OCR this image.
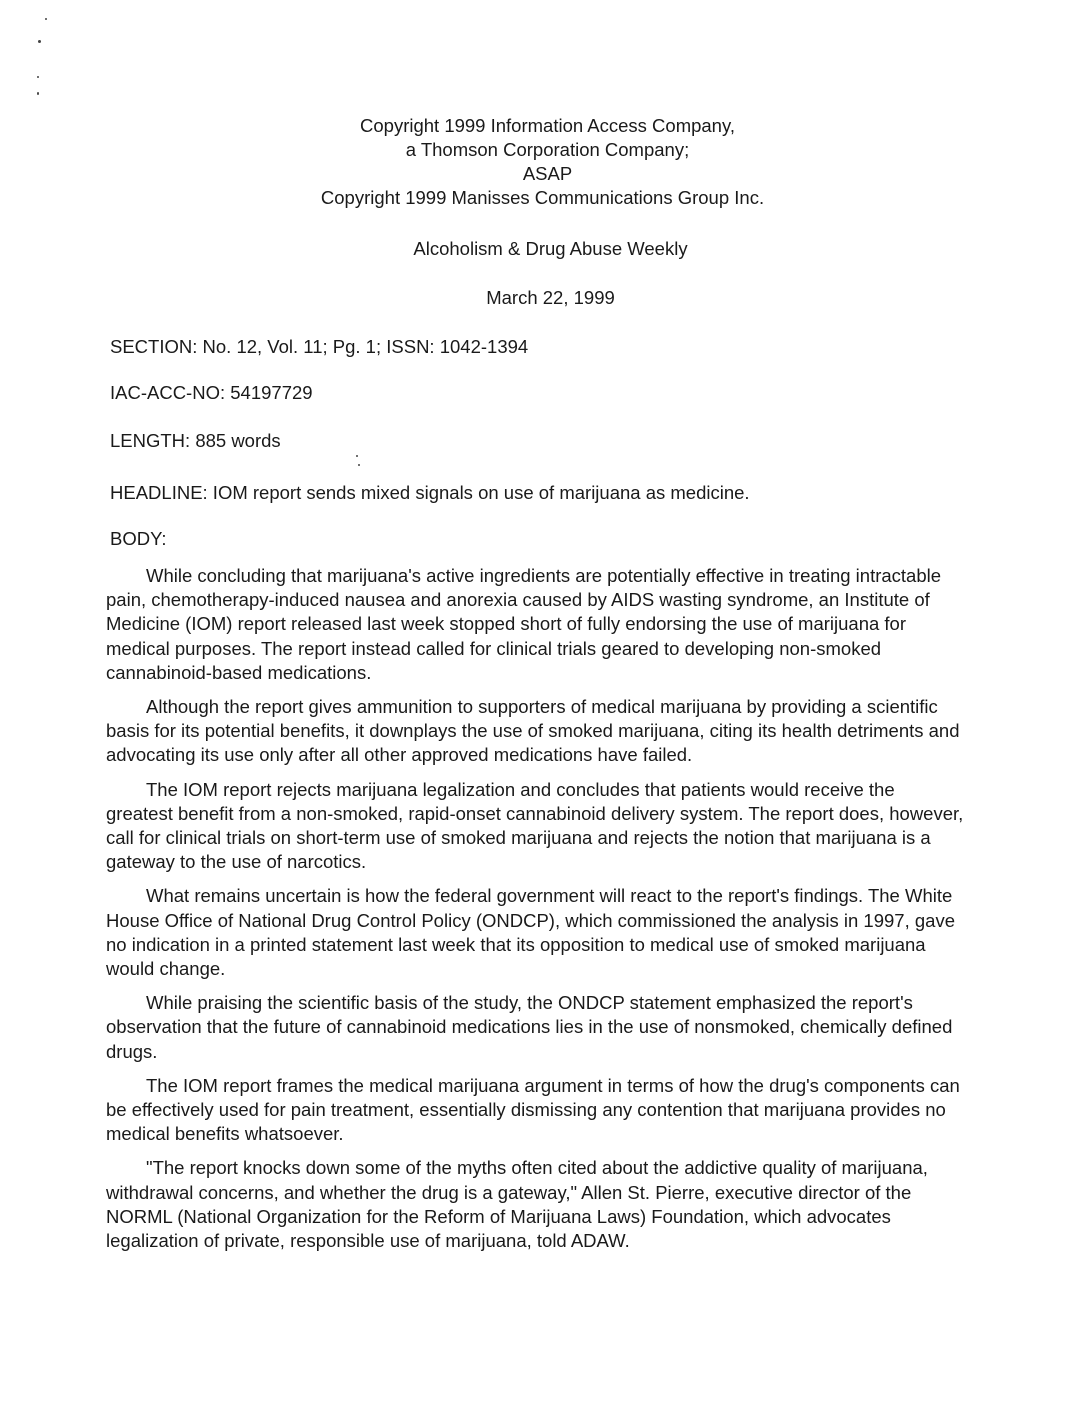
Copyright 1999 Information Access Company,
a Thomson Corporation Company;
ASAP
Copyright 1999 Manisses Communications Group Inc.
Alcoholism & Drug Abuse Weekly
March 22, 1999
SECTION: No. 12, Vol. 11; Pg. 1; ISSN: 1042-1394
IAC-ACC-NO: 54197729
LENGTH: 885 words
HEADLINE: IOM report sends mixed signals on use of marijuana as medicine.
BODY:

While concluding that marijuana's active ingredients are potentially effective in treating intractable pain, chemotherapy-induced nausea and anorexia caused by AIDS wasting syndrome, an Institute of Medicine (IOM) report released last week stopped short of fully endorsing the use of marijuana for medical purposes. The report instead called for clinical trials geared to developing non-smoked cannabinoid-based medications.

Although the report gives ammunition to supporters of medical marijuana by providing a scientific basis for its potential benefits, it downplays the use of smoked marijuana, citing its health detriments and advocating its use only after all other approved medications have failed.

The IOM report rejects marijuana legalization and concludes that patients would receive the greatest benefit from a non-smoked, rapid-onset cannabinoid delivery system. The report does, however, call for clinical trials on short-term use of smoked marijuana and rejects the notion that marijuana is a gateway to the use of narcotics.

What remains uncertain is how the federal government will react to the report's findings. The White House Office of National Drug Control Policy (ONDCP), which commissioned the analysis in 1997, gave no indication in a printed statement last week that its opposition to medical use of smoked marijuana would change.

While praising the scientific basis of the study, the ONDCP statement emphasized the report's observation that the future of cannabinoid medications lies in the use of nonsmoked, chemically defined drugs.

The IOM report frames the medical marijuana argument in terms of how the drug's components can be effectively used for pain treatment, essentially dismissing any contention that marijuana provides no medical benefits whatsoever.

"The report knocks down some of the myths often cited about the addictive quality of marijuana, withdrawal concerns, and whether the drug is a gateway," Allen St. Pierre, executive director of the NORML (National Organization for the Reform of Marijuana Laws) Foundation, which advocates legalization of private, responsible use of marijuana, told ADAW.
